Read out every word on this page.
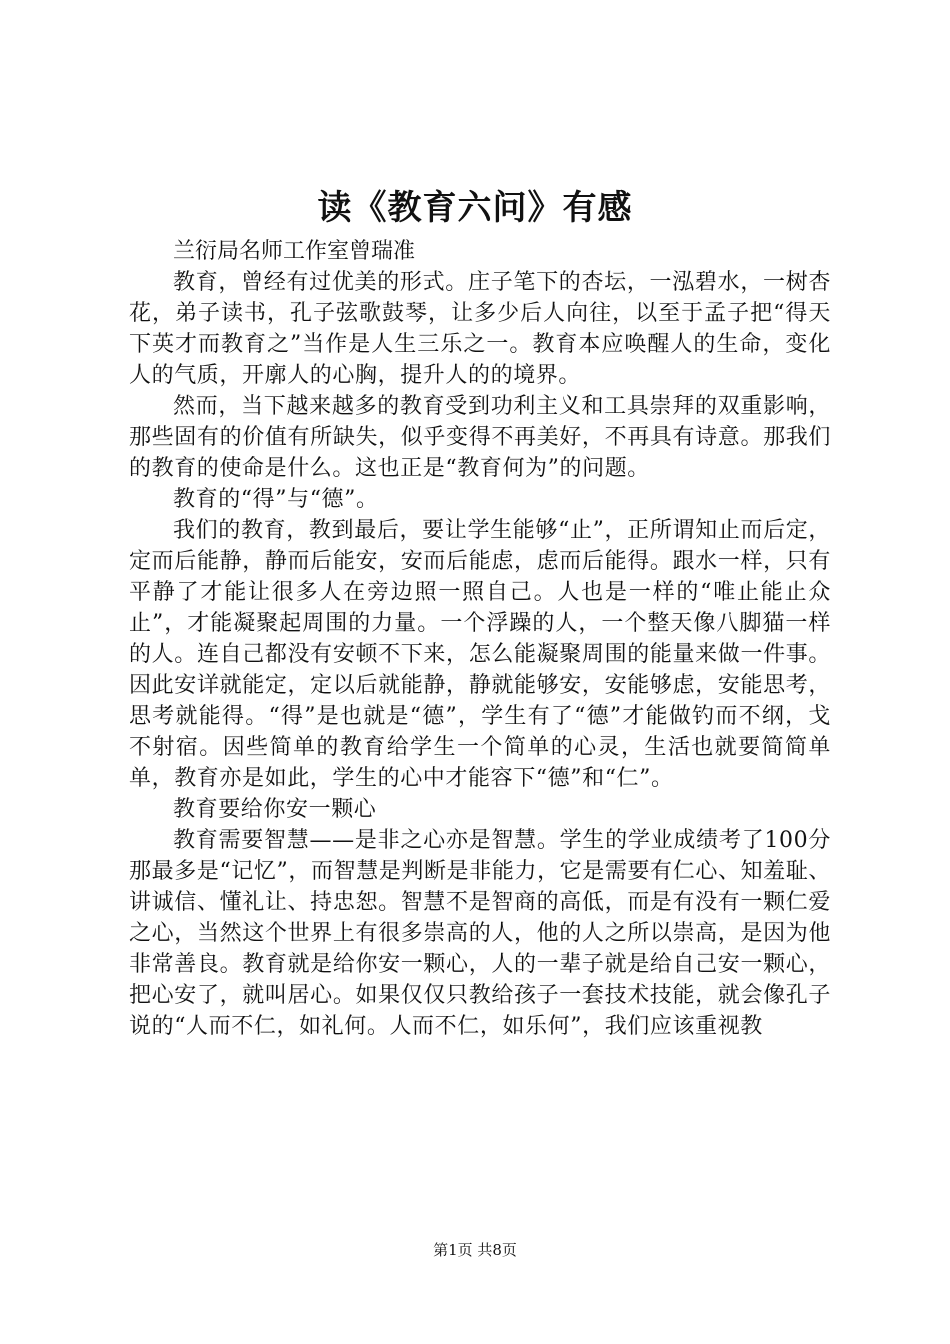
读《教育六问》有感

兰衍局名师工作室曾瑞准

教育，曾经有过优美的形式。庄子笔下的杏坛，一泓碧水，一树杏花，弟子读书，孔子弦歌鼓琴，让多少后人向往，以至于孟子把“得天下英才而教育之”当作是人生三乐之一。教育本应唤醒人的生命，变化人的气质，开廓人的心胸，提升人的的境界。

然而，当下越来越多的教育受到功利主义和工具崇拜的双重影响，那些固有的价值有所缺失，似乎变得不再美好，不再具有诗意。那我们的教育的使命是什么。这也正是“教育何为”的问题。

教育的“得”与“德”。

我们的教育，教到最后，要让学生能够“止”，正所谓知止而后定，定而后能静，静而后能安，安而后能虑，虑而后能得。跟水一样，只有平静了才能让很多人在旁边照一照自己。人也是一样的“唯止能止众止”，才能凝聚起周围的力量。一个浮躁的人，一个整天像八脚猫一样的人。连自己都没有安顿不下来，怎么能凝聚周围的能量来做一件事。因此安详就能定，定以后就能静，静就能够安，安能够虑，安能思考，思考就能得。“得”是也就是“德”，学生有了“德”才能做钓而不纲，戈不射宿。因些简单的教育给学生一个简单的心灵，生活也就要简简单单，教育亦是如此，学生的心中才能容下“德”和“仁”。

教育要给你安一颗心

教育需要智慧——是非之心亦是智慧。学生的学业成绩考了100分那最多是“记忆”，而智慧是判断是非能力，它是需要有仁心、知羞耻、讲诚信、懂礼让、持忠恕。智慧不是智商的高低，而是有没有一颗仁爱之心，当然这个世界上有很多崇高的人，他的人之所以崇高，是因为他非常善良。教育就是给你安一颗心，人的一辈子就是给自己安一颗心，把心安了，就叫居心。如果仅仅只教给孩子一套技术技能，就会像孔子说的“人而不仁，如礼何。人而不仁，如乐何”，我们应该重视教

第1页 共8页
